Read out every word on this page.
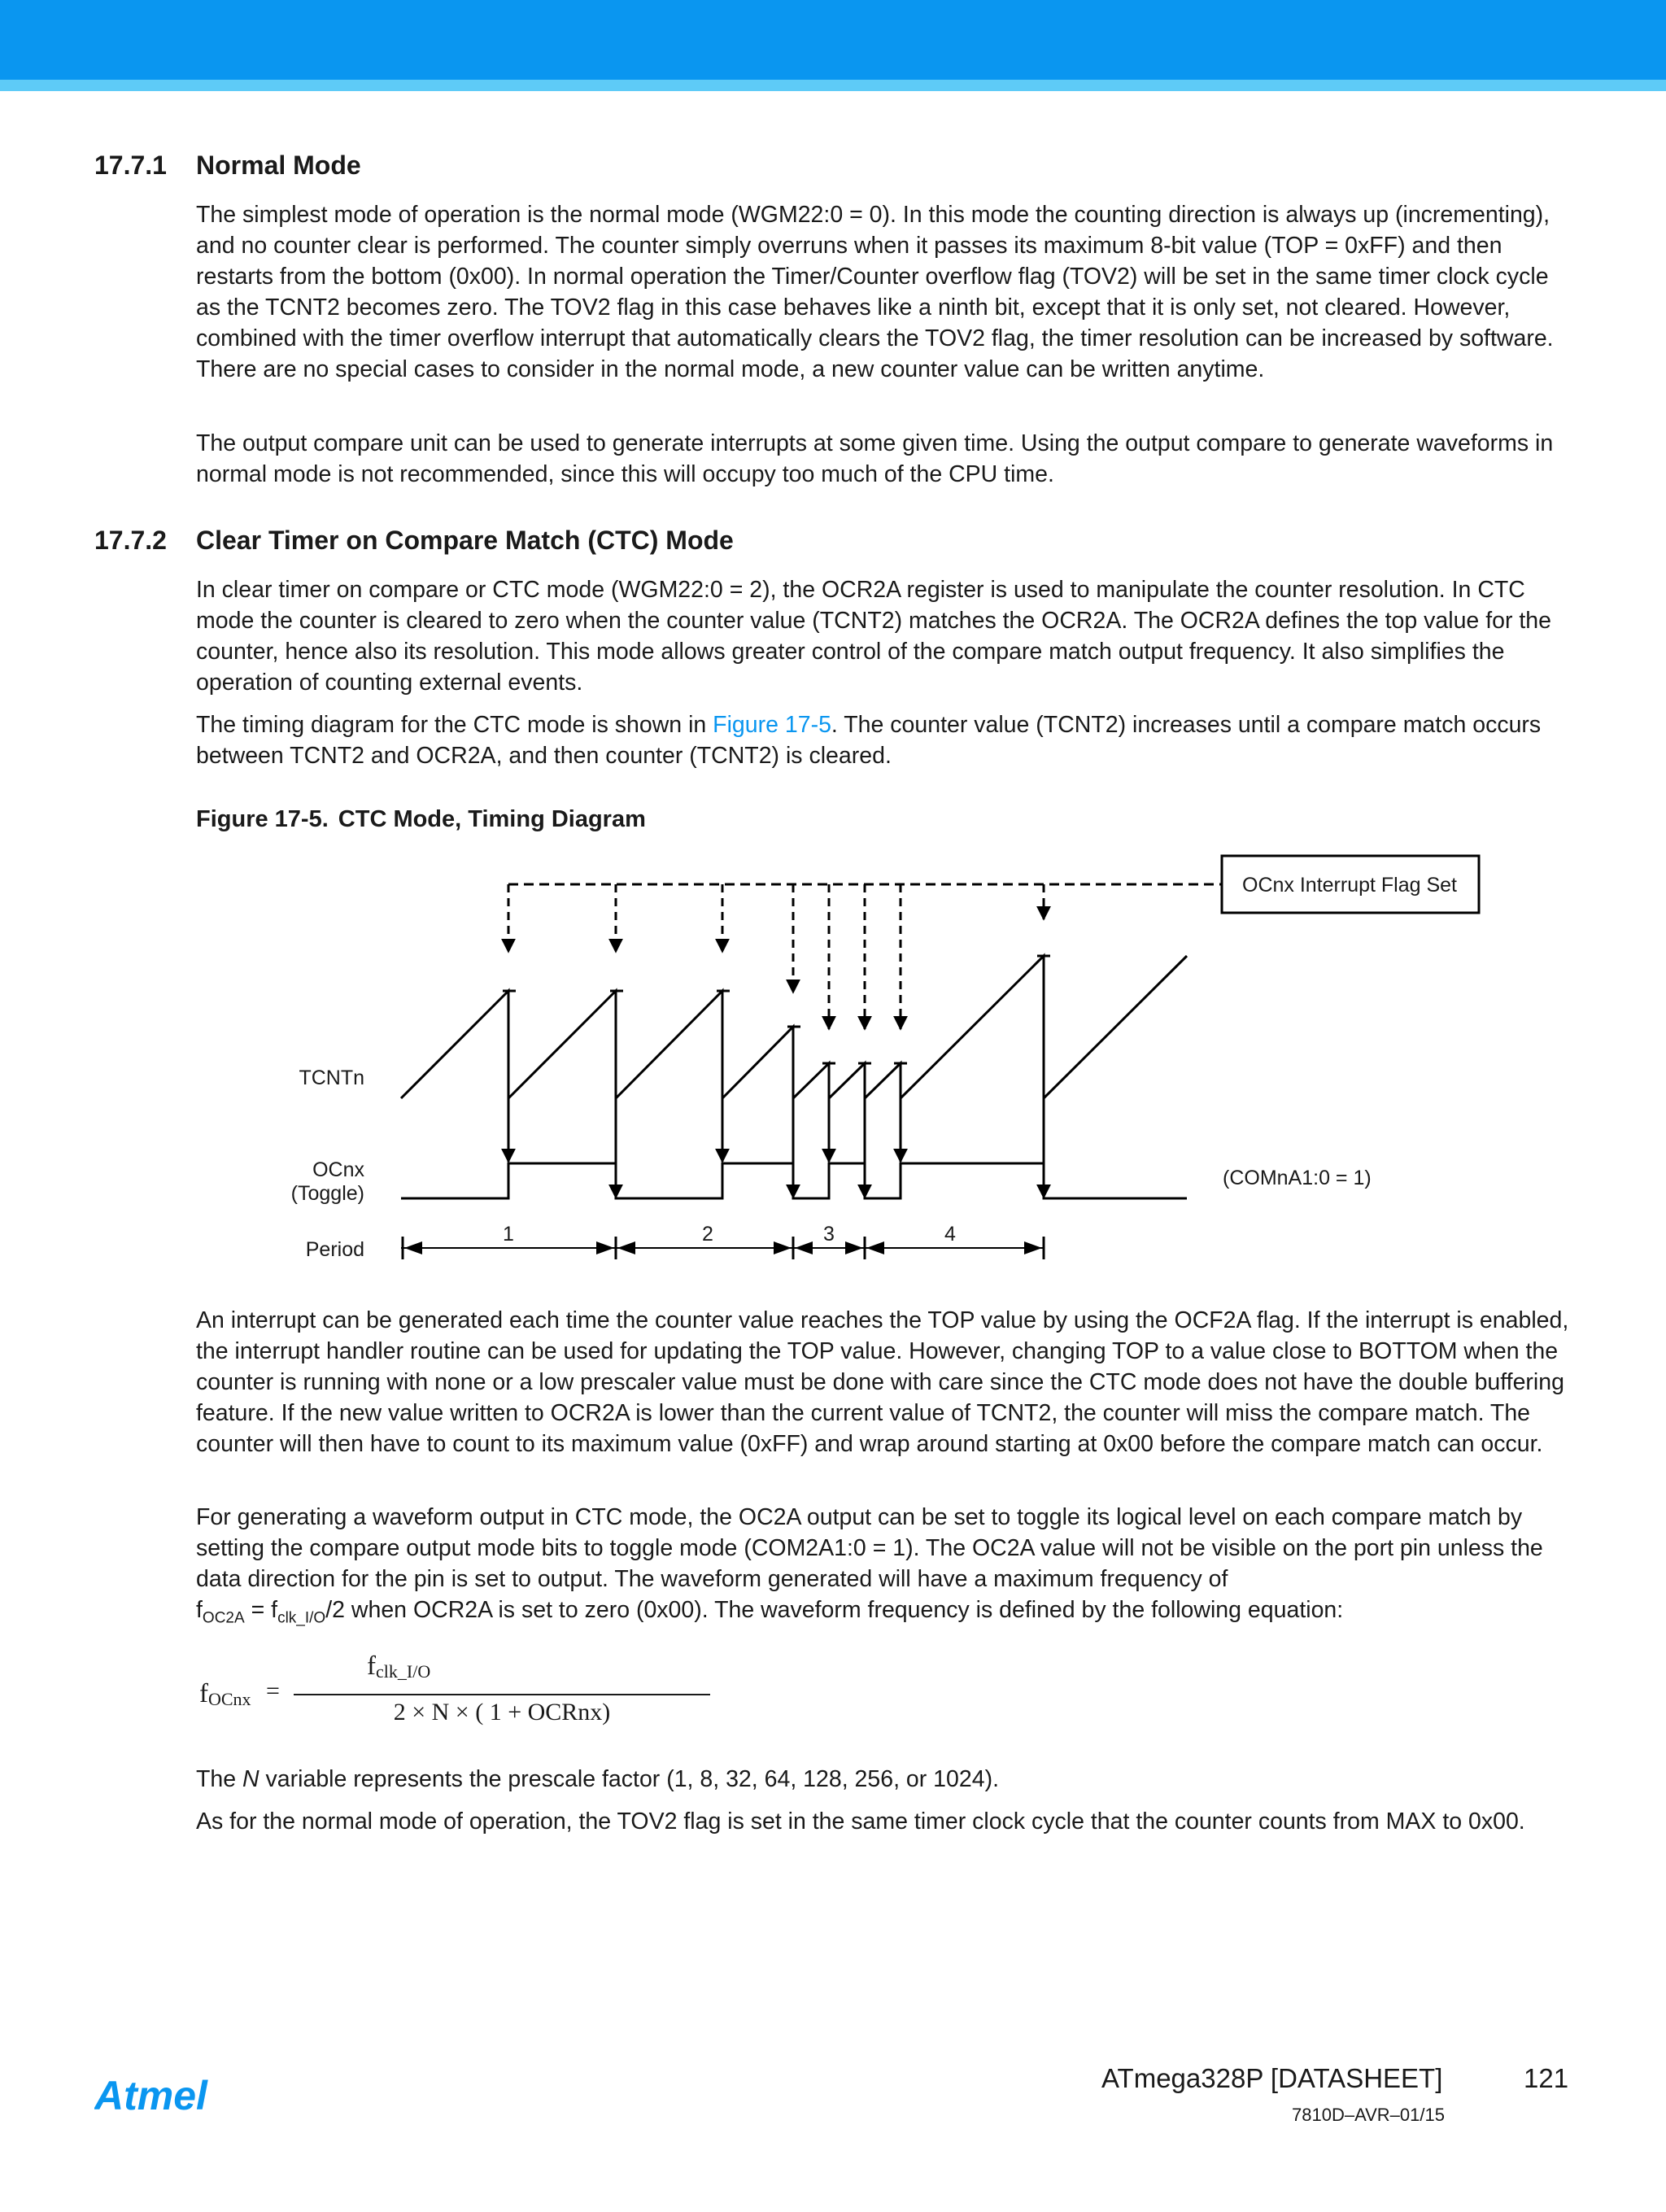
17.7.1 Normal Mode

The simplest mode of operation is the normal mode (WGM22:0 = 0). In this mode the counting direction is always up (incrementing), and no counter clear is performed. The counter simply overruns when it passes its maximum 8-bit value (TOP = 0xFF) and then restarts from the bottom (0x00). In normal operation the Timer/Counter overflow flag (TOV2) will be set in the same timer clock cycle as the TCNT2 becomes zero. The TOV2 flag in this case behaves like a ninth bit, except that it is only set, not cleared. However, combined with the timer overflow interrupt that automatically clears the TOV2 flag, the timer resolution can be increased by software. There are no special cases to consider in the normal mode, a new counter value can be written anytime.

The output compare unit can be used to generate interrupts at some given time. Using the output compare to generate waveforms in normal mode is not recommended, since this will occupy too much of the CPU time.

17.7.2 Clear Timer on Compare Match (CTC) Mode

In clear timer on compare or CTC mode (WGM22:0 = 2), the OCR2A register is used to manipulate the counter resolution. In CTC mode the counter is cleared to zero when the counter value (TCNT2) matches the OCR2A. The OCR2A defines the top value for the counter, hence also its resolution. This mode allows greater control of the compare match output frequency. It also simplifies the operation of counting external events.

The timing diagram for the CTC mode is shown in Figure 17-5. The counter value (TCNT2) increases until a compare match occurs between TCNT2 and OCR2A, and then counter (TCNT2) is cleared.

Figure 17-5. CTC Mode, Timing Diagram
OCnx Interrupt Flag Set
TCNTn
OCnx
(Toggle)
Period
(COMnA1:0 = 1)
1	2	3	4

An interrupt can be generated each time the counter value reaches the TOP value by using the OCF2A flag. If the interrupt is enabled, the interrupt handler routine can be used for updating the TOP value. However, changing TOP to a value close to BOTTOM when the counter is running with none or a low prescaler value must be done with care since the CTC mode does not have the double buffering feature. If the new value written to OCR2A is lower than the current value of TCNT2, the counter will miss the compare match. The counter will then have to count to its maximum value (0xFF) and wrap around starting at 0x00 before the compare match can occur.

For generating a waveform output in CTC mode, the OC2A output can be set to toggle its logical level on each compare match by setting the compare output mode bits to toggle mode (COM2A1:0 = 1). The OC2A value will not be visible on the port pin unless the data direction for the pin is set to output. The waveform generated will have a maximum frequency of
$f_{OC2A} = f_{clk\_I/O}/2$ when OCR2A is set to zero (0x00). The waveform frequency is defined by the following equation:

$f_{OCnx}$ =
$f_{clk\_I/O}$
2 × N × ( 1 + OCRnx)

The N variable represents the prescale factor (1, 8, 32, 64, 128, 256, or 1024).

As for the normal mode of operation, the TOV2 flag is set in the same timer clock cycle that the counter counts from MAX to 0x00.

Atmel	ATmega328P [DATASHEET]	121
7810D–AVR–01/15
